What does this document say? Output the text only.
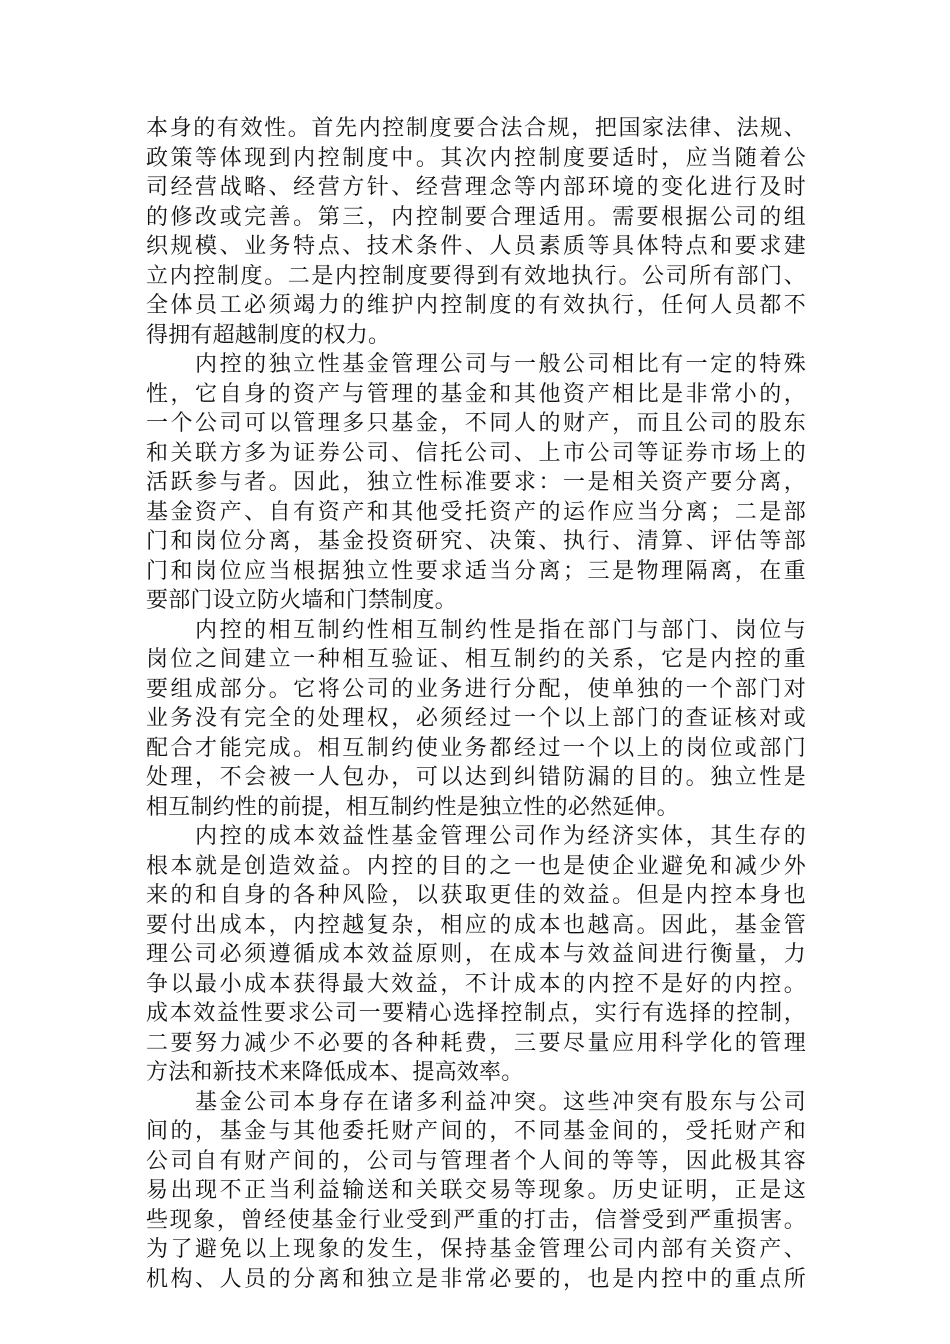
本身的有效性。首先内控制度要合法合规，把国家法律、法规、
政策等体现到内控制度中。其次内控制度要适时，应当随着公
司经营战略、经营方针、经营理念等内部环境的变化进行及时
的修改或完善。第三，内控制要合理适用。需要根据公司的组
织规模、业务特点、技术条件、人员素质等具体特点和要求建
立内控制度。二是内控制度要得到有效地执行。公司所有部门、
全体员工必须竭力的维护内控制度的有效执行，任何人员都不
得拥有超越制度的权力。
　　内控的独立性基金管理公司与一般公司相比有一定的特殊
性，它自身的资产与管理的基金和其他资产相比是非常小的，
一个公司可以管理多只基金，不同人的财产，而且公司的股东
和关联方多为证券公司、信托公司、上市公司等证券市场上的
活跃参与者。因此，独立性标准要求：一是相关资产要分离，
基金资产、自有资产和其他受托资产的运作应当分离；二是部
门和岗位分离，基金投资研究、决策、执行、清算、评估等部
门和岗位应当根据独立性要求适当分离；三是物理隔离，在重
要部门设立防火墙和门禁制度。
　　内控的相互制约性相互制约性是指在部门与部门、岗位与
岗位之间建立一种相互验证、相互制约的关系，它是内控的重
要组成部分。它将公司的业务进行分配，使单独的一个部门对
业务没有完全的处理权，必须经过一个以上部门的查证核对或
配合才能完成。相互制约使业务都经过一个以上的岗位或部门
处理，不会被一人包办，可以达到纠错防漏的目的。独立性是
相互制约性的前提，相互制约性是独立性的必然延伸。
　　内控的成本效益性基金管理公司作为经济实体，其生存的
根本就是创造效益。内控的目的之一也是使企业避免和减少外
来的和自身的各种风险，以获取更佳的效益。但是内控本身也
要付出成本，内控越复杂，相应的成本也越高。因此，基金管
理公司必须遵循成本效益原则，在成本与效益间进行衡量，力
争以最小成本获得最大效益，不计成本的内控不是好的内控。
成本效益性要求公司一要精心选择控制点，实行有选择的控制，
二要努力减少不必要的各种耗费，三要尽量应用科学化的管理
方法和新技术来降低成本、提高效率。
　　基金公司本身存在诸多利益冲突。这些冲突有股东与公司
间的，基金与其他委托财产间的，不同基金间的，受托财产和
公司自有财产间的，公司与管理者个人间的等等，因此极其容
易出现不正当利益输送和关联交易等现象。历史证明，正是这
些现象，曾经使基金行业受到严重的打击，信誉受到严重损害。
为了避免以上现象的发生，保持基金管理公司内部有关资产、
机构、人员的分离和独立是非常必要的，也是内控中的重点所
